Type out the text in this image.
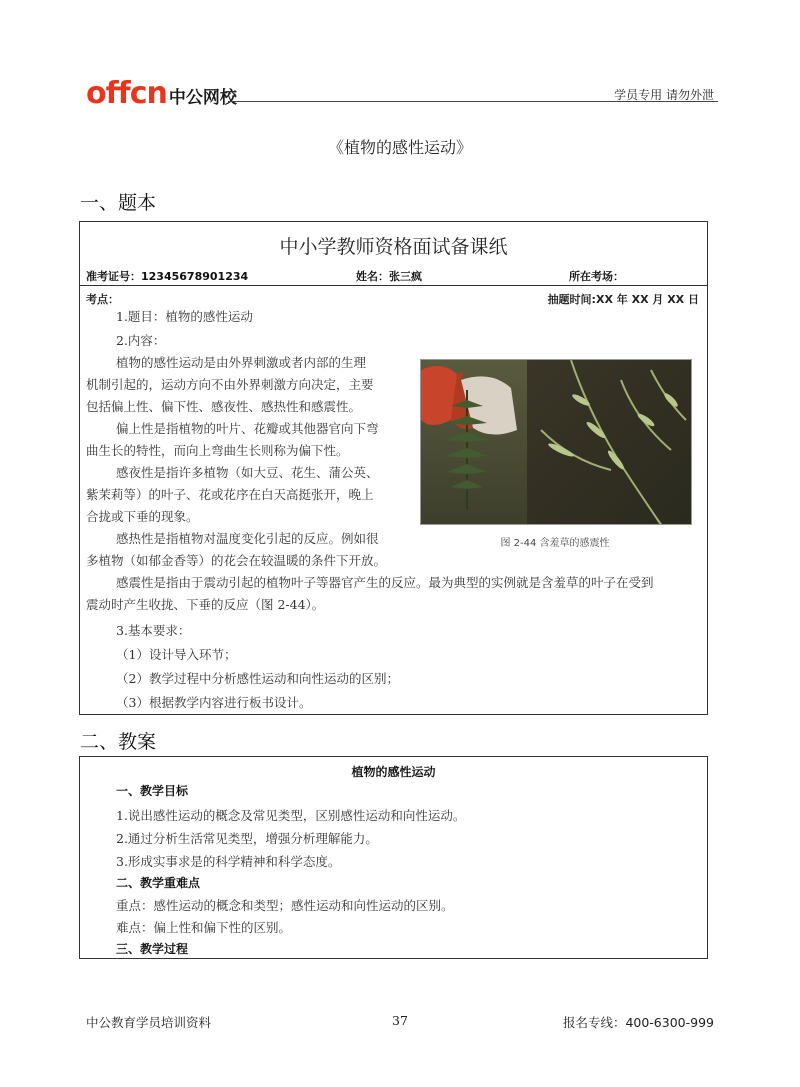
offcn 中公网校	学员专用 请勿外泄
《植物的感性运动》
一、题本
中小学教师资格面试备课纸
准考证号：12345678901234	姓名：张三疯	所在考场：
考点：	抽题时间:XX 年 XX 月 XX 日
1.题目：植物的感性运动
2.内容：
植物的感性运动是由外界刺激或者内部的生理
机制引起的，运动方向不由外界刺激方向决定，主要
包括偏上性、偏下性、感夜性、感热性和感震性。
偏上性是指植物的叶片、花瓣或其他器官向下弯
曲生长的特性，而向上弯曲生长则称为偏下性。
感夜性是指许多植物（如大豆、花生、蒲公英、
紫茉莉等）的叶子、花或花序在白天高挺张开，晚上
合拢或下垂的现象。
感热性是指植物对温度变化引起的反应。例如很
多植物（如郁金香等）的花会在较温暖的条件下开放。
感震性是指由于震动引起的植物叶子等器官产生的反应。最为典型的实例就是含羞草的叶子在受到
震动时产生收拢、下垂的反应（图 2-44）。
3.基本要求：
（1）设计导入环节；
（2）教学过程中分析感性运动和向性运动的区别；
（3）根据教学内容进行板书设计。
图 2-44 含羞草的感震性
二、教案
植物的感性运动
一、教学目标
1.说出感性运动的概念及常见类型，区别感性运动和向性运动。
2.通过分析生活常见类型，增强分析理解能力。
3.形成实事求是的科学精神和科学态度。
二、教学重难点
重点：感性运动的概念和类型；感性运动和向性运动的区别。
难点：偏上性和偏下性的区别。
三、教学过程
中公教育学员培训资料	37	报名专线：400-6300-999
